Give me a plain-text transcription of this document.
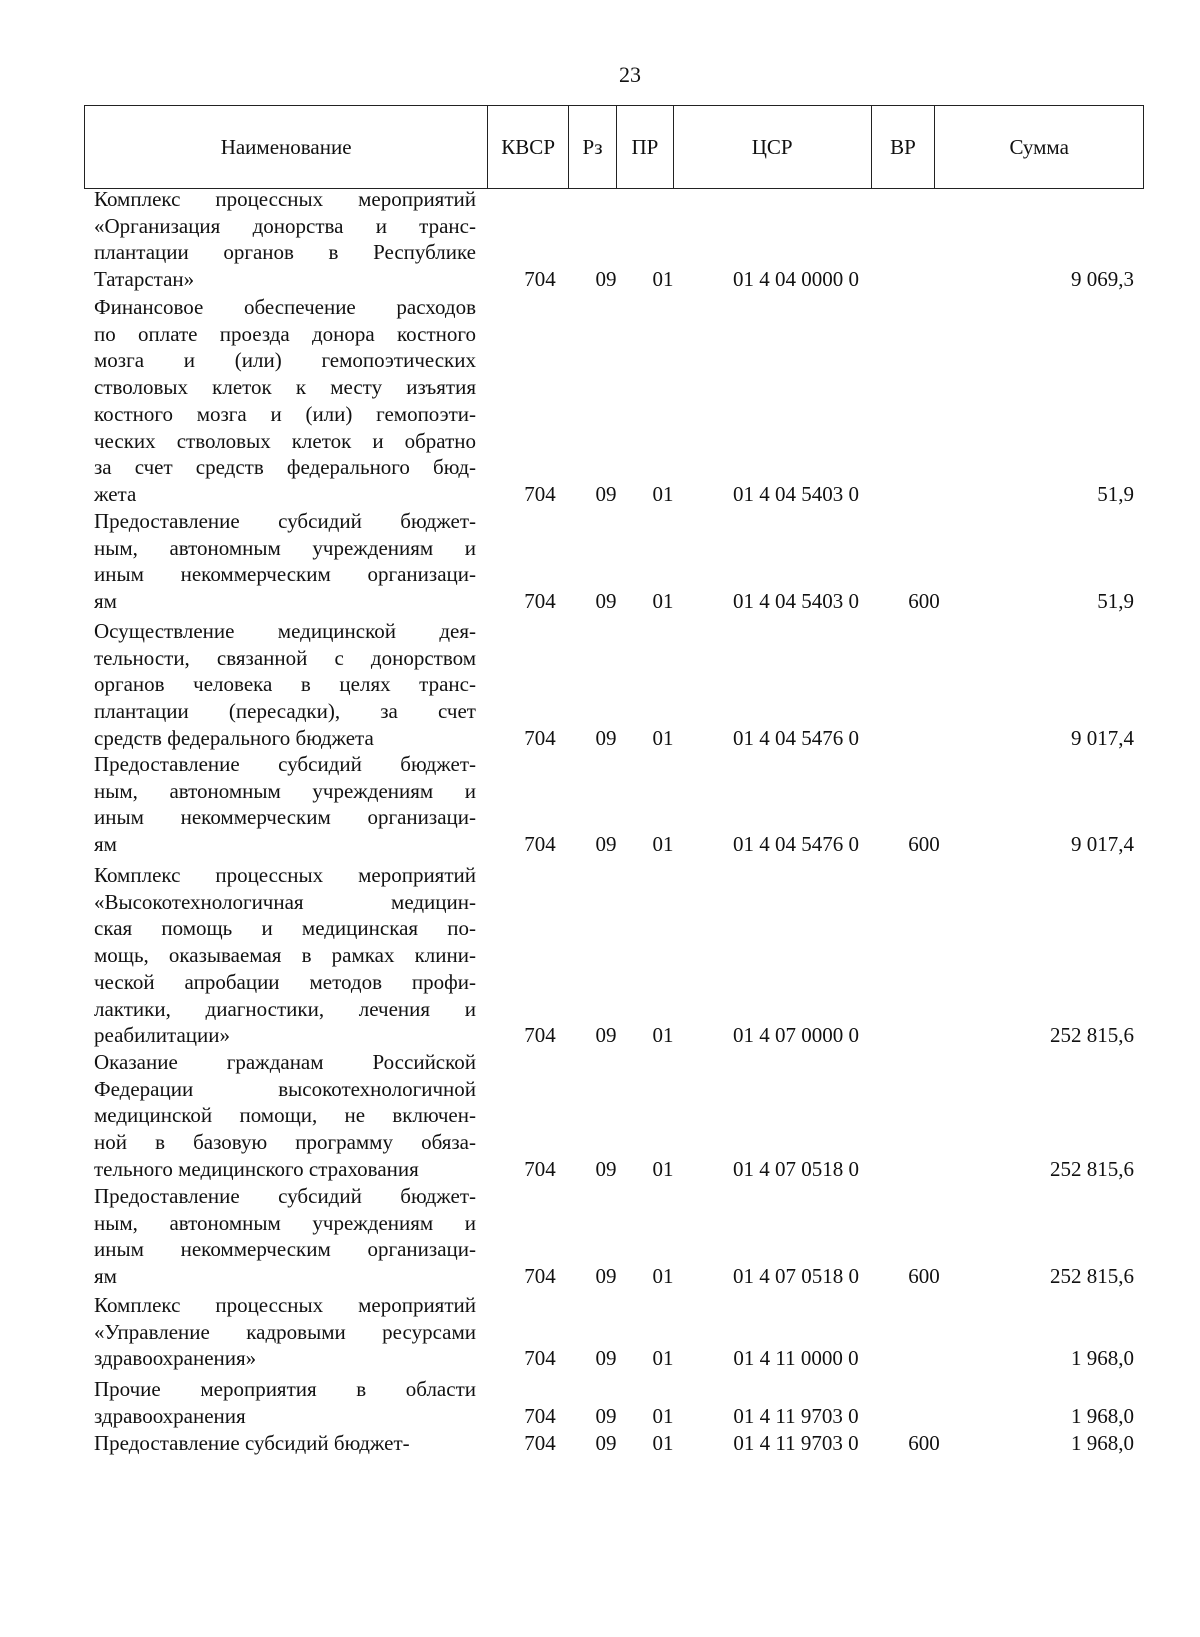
23
Наименование	КВСР	Рз	ПР	ЦСР	ВР	Сумма
Комплекс процессных мероприятий
«Организация донорства и транс-
плантации органов в Республике
Татарстан»	704	09	01	01 4 04 0000 0	9 069,3
Финансовое обеспечение расходов
по оплате проезда донора костного
мозга и (или) гемопоэтических
стволовых клеток к месту изъятия
костного мозга и (или) гемопоэти-
ческих стволовых клеток и обратно
за счет средств федерального бюд-
жета	704	09	01	01 4 04 5403 0	51,9
Предоставление субсидий бюджет-
ным, автономным учреждениям и
иным некоммерческим организаци-
ям	704	09	01	01 4 04 5403 0	600	51,9
Осуществление медицинской дея-
тельности, связанной с донорством
органов человека в целях транс-
плантации (пересадки), за счет
средств федерального бюджета	704	09	01	01 4 04 5476 0	9 017,4
Предоставление субсидий бюджет-
ным, автономным учреждениям и
иным некоммерческим организаци-
ям	704	09	01	01 4 04 5476 0	600	9 017,4
Комплекс процессных мероприятий
«Высокотехнологичная медицин-
ская помощь и медицинская по-
мощь, оказываемая в рамках клини-
ческой апробации методов профи-
лактики, диагностики, лечения и
реабилитации»	704	09	01	01 4 07 0000 0	252 815,6
Оказание гражданам Российской
Федерации высокотехнологичной
медицинской помощи, не включен-
ной в базовую программу обяза-
тельного медицинского страхования	704	09	01	01 4 07 0518 0	252 815,6
Предоставление субсидий бюджет-
ным, автономным учреждениям и
иным некоммерческим организаци-
ям	704	09	01	01 4 07 0518 0	600	252 815,6
Комплекс процессных мероприятий
«Управление кадровыми ресурсами
здравоохранения»	704	09	01	01 4 11 0000 0	1 968,0
Прочие мероприятия в области
здравоохранения	704	09	01	01 4 11 9703 0	1 968,0
Предоставление субсидий бюджет-	704	09	01	01 4 11 9703 0	600	1 968,0
